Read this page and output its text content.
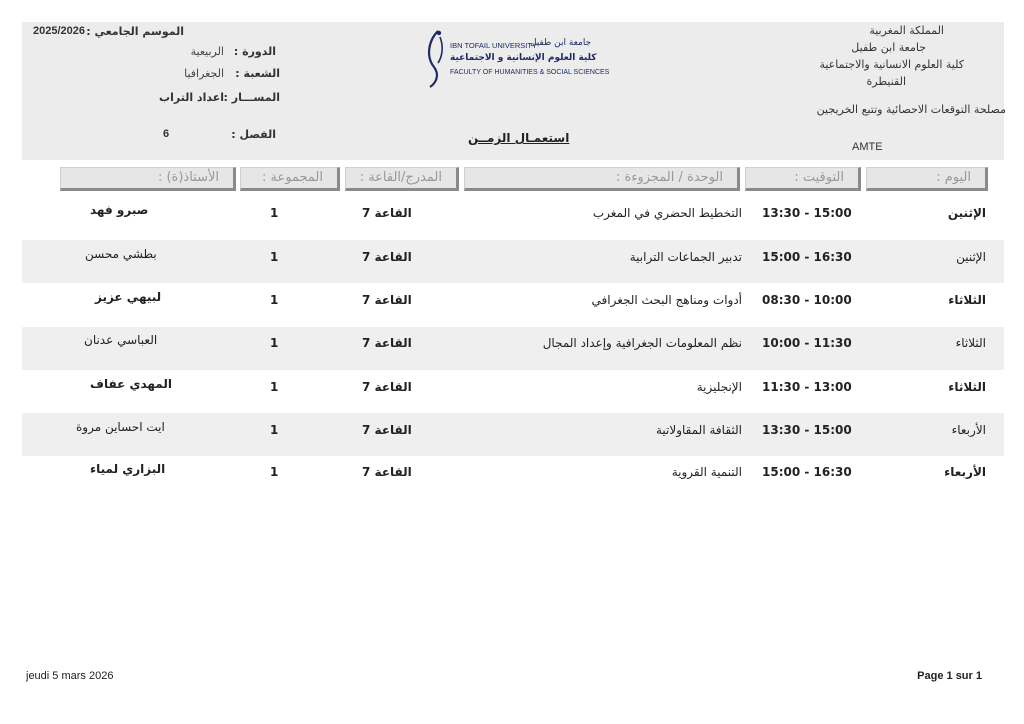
المملكة المغربية
جامعة ابن طفيل
كلية العلوم الانسانية والاجتماعية
القنيطرة
مصلحة التوقعات الاحصائية وتتبع الخريجين
AMTE
IBN TOFAIL UNIVERSITY
جامعة ابن طفيل
كلية العلوم الإنسانية و الاجتماعية
FACULTY OF HUMANITIES & SOCIAL SCIENCES
الموسم الجامعي :
2025/2026
الدورة :
الربيعية
الشعبة :
الجغرافيا
المســـار :
اعداد التراب
الفصل :
6	استعمـال الزمــن
اليوم :
التوقيت :
الوحدة / المجزوءة :
المدرج/القاعة :
المجموعة :
الأستاذ(ة) :
الإثنين
13:30 - 15:00
التخطيط الحضري في المغرب
القاعة 7
1
صبرو فهد
الإثنين
15:00 - 16:30
تدبير الجماعات الترابية
القاعة 7
1
بطشي محسن
الثلاثاء
08:30 - 10:00
أدوات ومناهج البحث الجغرافي
القاعة 7
1
لبيهي عزيز
الثلاثاء
10:00 - 11:30
نظم المعلومات الجغرافية وإعداد المجال
القاعة 7
1
العباسي عدنان
الثلاثاء
11:30 - 13:00
الإنجليزية
القاعة 7
1
المهدي عفاف
الأربعاء
13:30 - 15:00
الثقافة المقاولاتية
القاعة 7
1
ايت احساين مروة
الأربعاء
15:00 - 16:30
التنمية القروية
القاعة 7
1
البزاري لمياء
jeudi 5 mars 2026	Page 1 sur 1
